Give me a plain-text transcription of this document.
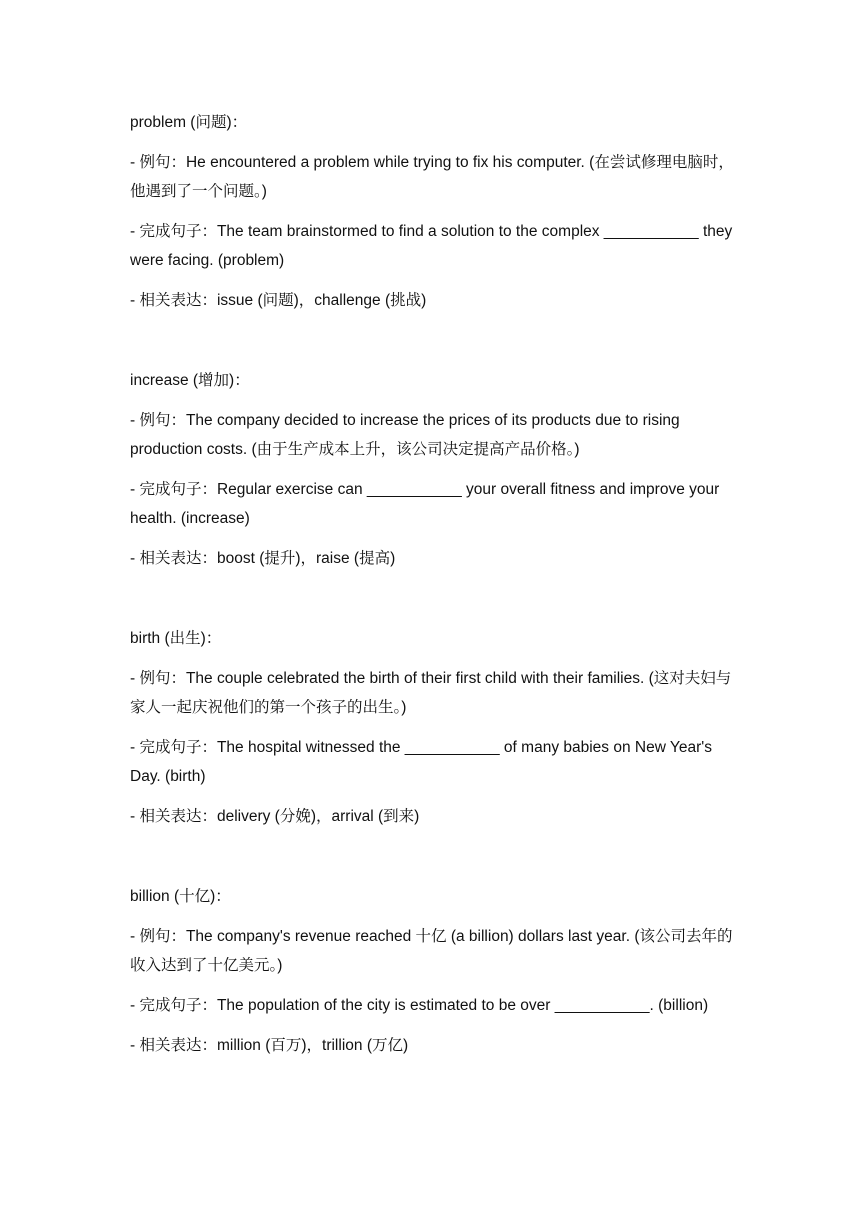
problem (问题)：
- 例句：He encountered a problem while trying to fix his computer. (在尝试修理电脑时，他遇到了一个问题。)
- 完成句子：The team brainstormed to find a solution to the complex ___________ they were facing. (problem)
- 相关表达：issue (问题)，challenge (挑战)
increase (增加)：
- 例句：The company decided to increase the prices of its products due to rising production costs. (由于生产成本上升，该公司决定提高产品价格。)
- 完成句子：Regular exercise can ___________ your overall fitness and improve your health. (increase)
- 相关表达：boost (提升)，raise (提高)
birth (出生)：
- 例句：The couple celebrated the birth of their first child with their families. (这对夫妇与家人一起庆祝他们的第一个孩子的出生。)
- 完成句子：The hospital witnessed the ___________ of many babies on New Year's Day. (birth)
- 相关表达：delivery (分娩)，arrival (到来)
billion (十亿)：
- 例句：The company's revenue reached 十亿 (a billion) dollars last year. (该公司去年的收入达到了十亿美元。)
- 完成句子：The population of the city is estimated to be over ___________. (billion)
- 相关表达：million (百万)，trillion (万亿)
